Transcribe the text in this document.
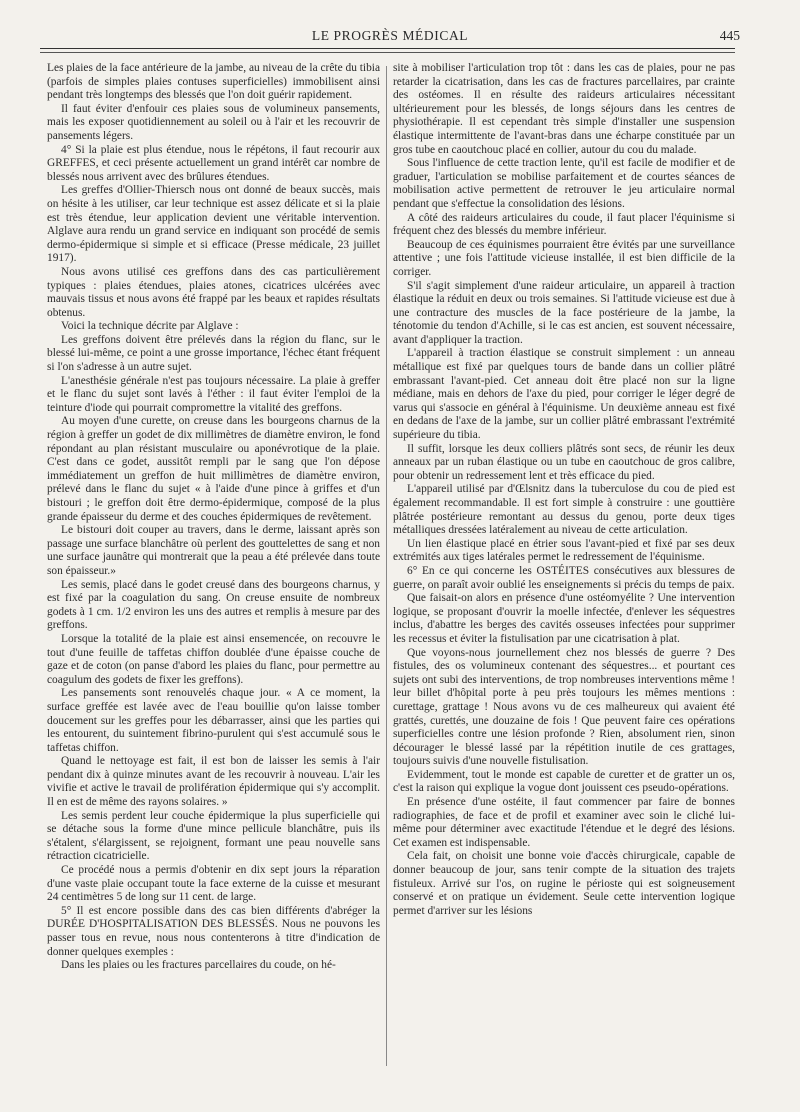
LE PROGRÈS MÉDICAL	445

Les plaies de la face antérieure de la jambe, au niveau de la crête du tibia (parfois de simples plaies contuses superficielles) immobilisent ainsi pendant très longtemps des blessés que l'on doit guérir rapidement.

Il faut éviter d'enfouir ces plaies sous de volumineux pansements, mais les exposer quotidiennement au soleil ou à l'air et les recouvrir de pansements légers.

4° Si la plaie est plus étendue, nous le répétons, il faut recourir aux GREFFES, et ceci présente actuellement un grand intérêt car nombre de blessés nous arrivent avec des brûlures étendues.

Les greffes d'Ollier-Thiersch nous ont donné de beaux succès, mais on hésite à les utiliser, car leur technique est assez délicate et si la plaie est très étendue, leur application devient une véritable intervention. Alglave aura rendu un grand service en indiquant son procédé de semis dermo-épidermique si simple et si efficace (Presse médicale, 23 juillet 1917).

Nous avons utilisé ces greffons dans des cas particulièrement typiques : plaies étendues, plaies atones, cicatrices ulcérées avec mauvais tissus et nous avons été frappé par les beaux et rapides résultats obtenus.

Voici la technique décrite par Alglave :

Les greffons doivent être prélevés dans la région du flanc, sur le blessé lui-même, ce point a une grosse importance, l'échec étant fréquent si l'on s'adresse à un autre sujet.

L'anesthésie générale n'est pas toujours nécessaire. La plaie à greffer et le flanc du sujet sont lavés à l'éther : il faut éviter l'emploi de la teinture d'iode qui pourrait compromettre la vitalité des greffons.

Au moyen d'une curette, on creuse dans les bourgeons charnus de la région à greffer un godet de dix millimètres de diamètre environ, le fond répondant au plan résistant musculaire ou aponévrotique de la plaie. C'est dans ce godet, aussitôt rempli par le sang que l'on dépose immédiatement un greffon de huit millimètres de diamètre environ, prélevé dans le flanc du sujet « à l'aide d'une pince à griffes et d'un bistouri ; le greffon doit être dermo-épidermique, composé de la plus grande épaisseur du derme et des couches épidermiques de revêtement.

Le bistouri doit couper au travers, dans le derme, laissant après son passage une surface blanchâtre où perlent des gouttelettes de sang et non une surface jaunâtre qui montrerait que la peau a été prélevée dans toute son épaisseur.»

Les semis, placé dans le godet creusé dans des bourgeons charnus, y est fixé par la coagulation du sang. On creuse ensuite de nombreux godets à 1 cm. 1/2 environ les uns des autres et remplis à mesure par des greffons.

Lorsque la totalité de la plaie est ainsi ensemencée, on recouvre le tout d'une feuille de taffetas chiffon doublée d'une épaisse couche de gaze et de coton (on panse d'abord les plaies du flanc, pour permettre au coagulum des godets de fixer les greffons).

Les pansements sont renouvelés chaque jour. « A ce moment, la surface greffée est lavée avec de l'eau bouillie qu'on laisse tomber doucement sur les greffes pour les débarrasser, ainsi que les parties qui les entourent, du suintement fibrino-purulent qui s'est accumulé sous le taffetas chiffon.

Quand le nettoyage est fait, il est bon de laisser les semis à l'air pendant dix à quinze minutes avant de les recouvrir à nouveau. L'air les vivifie et active le travail de prolifération épidermique qui s'y accomplit. Il en est de même des rayons solaires. »

Les semis perdent leur couche épidermique la plus superficielle qui se détache sous la forme d'une mince pellicule blanchâtre, puis ils s'étalent, s'élargissent, se rejoignent, formant une peau nouvelle sans rétraction cicatricielle.

Ce procédé nous a permis d'obtenir en dix sept jours la réparation d'une vaste plaie occupant toute la face externe de la cuisse et mesurant 24 centimètres 5 de long sur 11 cent. de large.

5° Il est encore possible dans des cas bien différents d'abréger la DURÉE D'HOSPITALISATION DES BLESSÉS. Nous ne pouvons les passer tous en revue, nous nous contenterons à titre d'indication de donner quelques exemples :

Dans les plaies ou les fractures parcellaires du coude, on hé-

site à mobiliser l'articulation trop tôt : dans les cas de plaies, pour ne pas retarder la cicatrisation, dans les cas de fractures parcellaires, par crainte des ostéomes. Il en résulte des raideurs articulaires nécessitant ultérieurement pour les blessés, de longs séjours dans les centres de physiothérapie. Il est cependant très simple d'installer une suspension élastique intermittente de l'avant-bras dans une écharpe constituée par un gros tube en caoutchouc placé en collier, autour du cou du malade.

Sous l'influence de cette traction lente, qu'il est facile de modifier et de graduer, l'articulation se mobilise parfaitement et de courtes séances de mobilisation active permettent de retrouver le jeu articulaire normal pendant que s'effectue la consolidation des lésions.

A côté des raideurs articulaires du coude, il faut placer l'équinisme si fréquent chez des blessés du membre inférieur.

Beaucoup de ces équinismes pourraient être évités par une surveillance attentive ; une fois l'attitude vicieuse installée, il est bien difficile de la corriger.

S'il s'agit simplement d'une raideur articulaire, un appareil à traction élastique la réduit en deux ou trois semaines. Si l'attitude vicieuse est due à une contracture des muscles de la face postérieure de la jambe, la ténotomie du tendon d'Achille, si le cas est ancien, est souvent nécessaire, avant d'appliquer la traction.

L'appareil à traction élastique se construit simplement : un anneau métallique est fixé par quelques tours de bande dans un collier plâtré embrassant l'avant-pied. Cet anneau doit être placé non sur la ligne médiane, mais en dehors de l'axe du pied, pour corriger le léger degré de varus qui s'associe en général à l'équinisme. Un deuxième anneau est fixé en dedans de l'axe de la jambe, sur un collier plâtré embrassant l'extrémité supérieure du tibia.

Il suffit, lorsque les deux colliers plâtrés sont secs, de réunir les deux anneaux par un ruban élastique ou un tube en caoutchouc de gros calibre, pour obtenir un redressement lent et très efficace du pied.

L'appareil utilisé par d'Œlsnitz dans la tuberculose du cou de pied est également recommandable. Il est fort simple à construire : une gouttière plâtrée postérieure remontant au dessus du genou, porte deux tiges métalliques dressées latéralement au niveau de cette articulation.

Un lien élastique placé en étrier sous l'avant-pied et fixé par ses deux extrémités aux tiges latérales permet le redressement de l'équinisme.

6° En ce qui concerne les OSTÉITES consécutives aux blessures de guerre, on paraît avoir oublié les enseignements si précis du temps de paix.

Que faisait-on alors en présence d'une ostéomyélite ? Une intervention logique, se proposant d'ouvrir la moelle infectée, d'enlever les séquestres inclus, d'abattre les berges des cavités osseuses infectées pour supprimer les recessus et éviter la fistulisation par une cicatrisation à plat.

Que voyons-nous journellement chez nos blessés de guerre ? Des fistules, des os volumineux contenant des séquestres... et pourtant ces sujets ont subi des interventions, de trop nombreuses interventions même ! leur billet d'hôpital porte à peu près toujours les mêmes mentions : curettage, grattage ! Nous avons vu de ces malheureux qui avaient été grattés, curettés, une douzaine de fois ! Que peuvent faire ces opérations superficielles contre une lésion profonde ? Rien, absolument rien, sinon décourager le blessé lassé par la répétition inutile de ces grattages, toujours suivis d'une nouvelle fistulisation.

Evidemment, tout le monde est capable de curetter et de gratter un os, c'est la raison qui explique la vogue dont jouissent ces pseudo-opérations.

En présence d'une ostéite, il faut commencer par faire de bonnes radiographies, de face et de profil et examiner avec soin le cliché lui-même pour déterminer avec exactitude l'étendue et le degré des lésions. Cet examen est indispensable.

Cela fait, on choisit une bonne voie d'accès chirurgicale, capable de donner beaucoup de jour, sans tenir compte de la situation des trajets fistuleux. Arrivé sur l'os, on rugine le périoste qui est soigneusement conservé et on pratique un évidement. Seule cette intervention logique permet d'arriver sur les lésions
